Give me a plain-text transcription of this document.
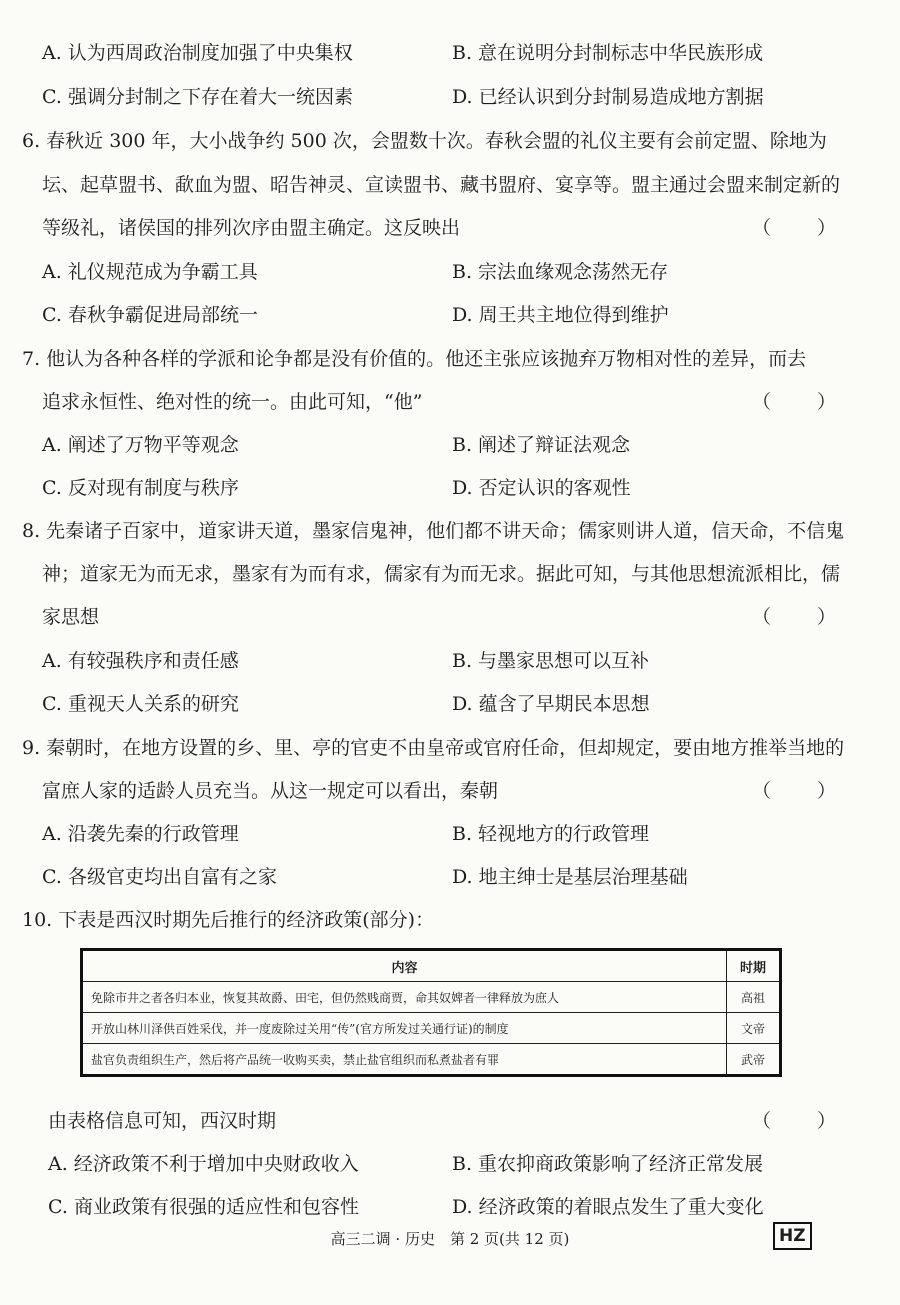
A. 认为西周政治制度加强了中央集权	B. 意在说明分封制标志中华民族形成
C. 强调分封制之下存在着大一统因素	D. 已经认识到分封制易造成地方割据
6. 春秋近 300 年，大小战争约 500 次，会盟数十次。春秋会盟的礼仪主要有会前定盟、除地为
坛、起草盟书、歃血为盟、昭告神灵、宣读盟书、藏书盟府、宴享等。盟主通过会盟来制定新的
等级礼，诸侯国的排列次序由盟主确定。这反映出	（ ）
A. 礼仪规范成为争霸工具	B. 宗法血缘观念荡然无存
C. 春秋争霸促进局部统一	D. 周王共主地位得到维护
7. 他认为各种各样的学派和论争都是没有价值的。他还主张应该抛弃万物相对性的差异，而去
追求永恒性、绝对性的统一。由此可知，“他”	（ ）
A. 阐述了万物平等观念	B. 阐述了辩证法观念
C. 反对现有制度与秩序	D. 否定认识的客观性
8. 先秦诸子百家中，道家讲天道，墨家信鬼神，他们都不讲天命；儒家则讲人道，信天命，不信鬼
神；道家无为而无求，墨家有为而有求，儒家有为而无求。据此可知，与其他思想流派相比，儒
家思想	（ ）
A. 有较强秩序和责任感	B. 与墨家思想可以互补
C. 重视天人关系的研究	D. 蕴含了早期民本思想
9. 秦朝时，在地方设置的乡、里、亭的官吏不由皇帝或官府任命，但却规定，要由地方推举当地的
富庶人家的适龄人员充当。从这一规定可以看出，秦朝	（ ）
A. 沿袭先秦的行政管理	B. 轻视地方的行政管理
C. 各级官吏均出自富有之家	D. 地主绅士是基层治理基础
10. 下表是西汉时期先后推行的经济政策(部分)：
内容	时期
免除市井之者各归本业，恢复其故爵、田宅，但仍然贱商贾，命其奴婢者一律释放为庶人	高祖
开放山林川泽供百姓采伐，并一度废除过关用“传”(官方所发过关通行证)的制度	文帝
盐官负责组织生产，然后将产品统一收购买卖，禁止盐官组织而私煮盐者有罪	武帝
由表格信息可知，西汉时期	（ ）
A. 经济政策不利于增加中央财政收入	B. 重农抑商政策影响了经济正常发展
C. 商业政策有很强的适应性和包容性	D. 经济政策的着眼点发生了重大变化
高三二调 · 历史　第 2 页(共 12 页)	HZ
